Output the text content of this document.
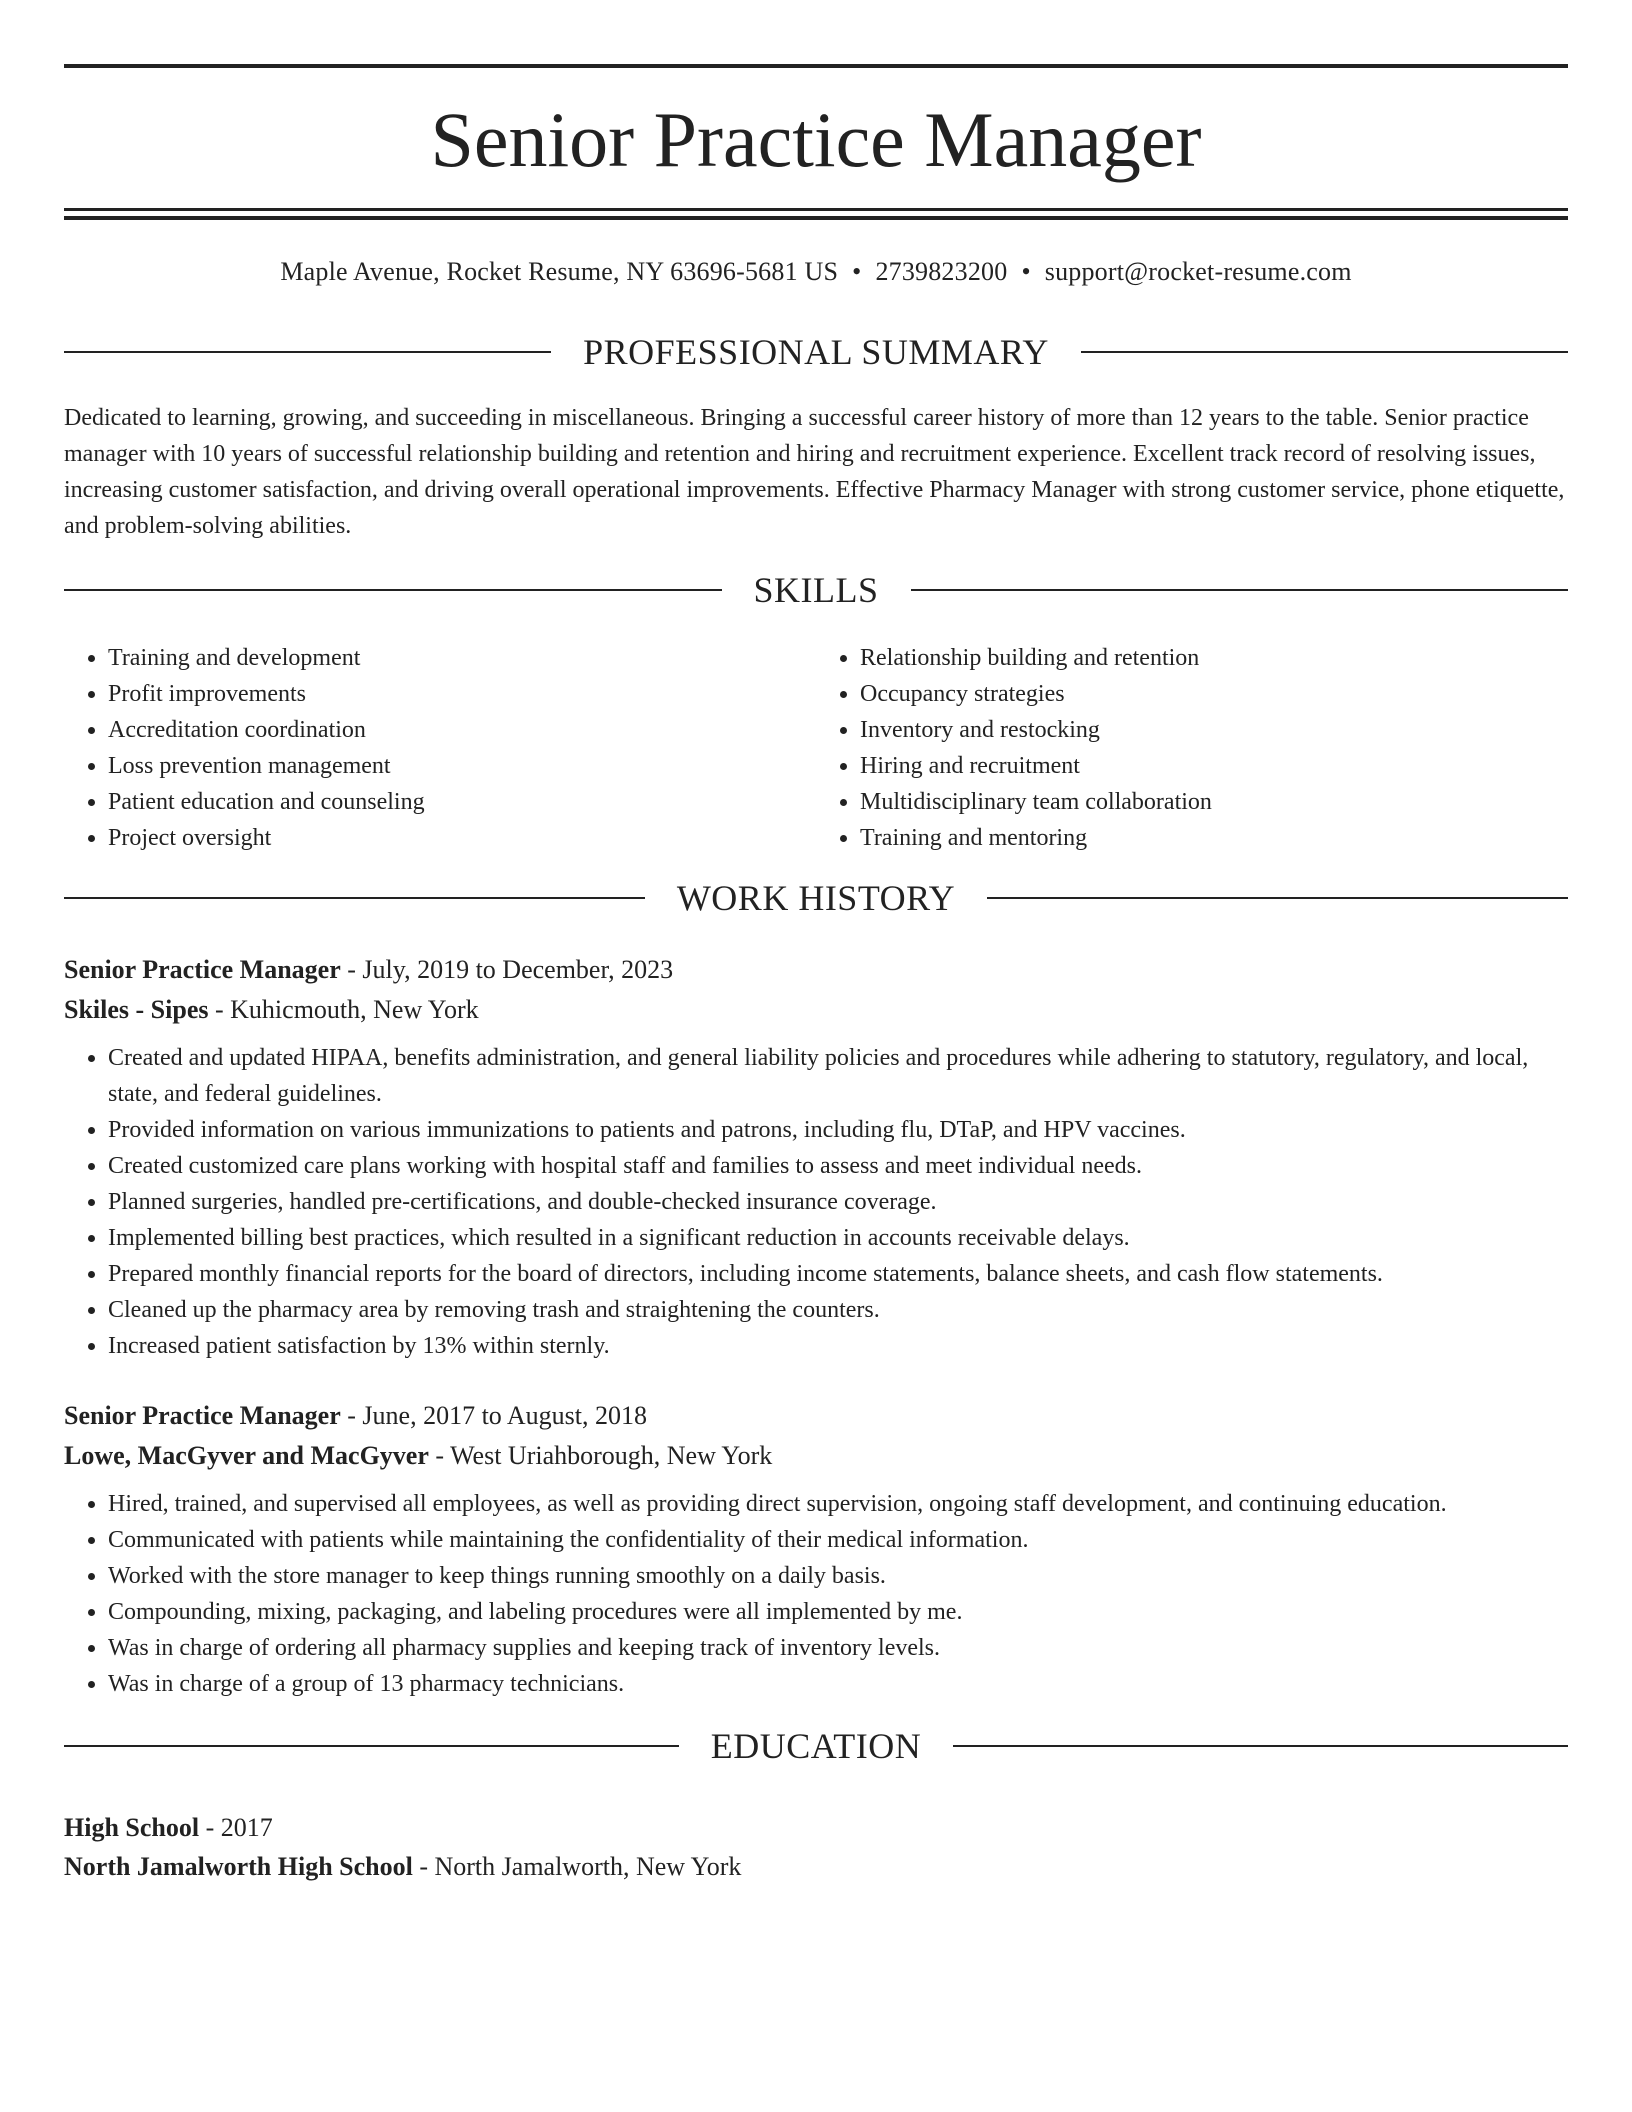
Senior Practice Manager
Maple Avenue, Rocket Resume, NY 63696-5681 US • 2739823200 • support@rocket-resume.com
PROFESSIONAL SUMMARY

Dedicated to learning, growing, and succeeding in miscellaneous. Bringing a successful career history of more than 12 years to the table. Senior practice manager with 10 years of successful relationship building and retention and hiring and recruitment experience. Excellent track record of resolving issues, increasing customer satisfaction, and driving overall operational improvements. Effective Pharmacy Manager with strong customer service, phone etiquette, and problem-solving abilities.

SKILLS
• Training and development
• Profit improvements
• Accreditation coordination
• Loss prevention management
• Patient education and counseling
• Project oversight
• Relationship building and retention
• Occupancy strategies
• Inventory and restocking
• Hiring and recruitment
• Multidisciplinary team collaboration
• Training and mentoring
WORK HISTORY
Senior Practice Manager - July, 2019 to December, 2023
Skiles - Sipes - Kuhicmouth, New York
• Created and updated HIPAA, benefits administration, and general liability policies and procedures while adhering to statutory, regulatory, and local, state, and federal guidelines.
• Provided information on various immunizations to patients and patrons, including flu, DTaP, and HPV vaccines.
• Created customized care plans working with hospital staff and families to assess and meet individual needs.
• Planned surgeries, handled pre-certifications, and double-checked insurance coverage.
• Implemented billing best practices, which resulted in a significant reduction in accounts receivable delays.
• Prepared monthly financial reports for the board of directors, including income statements, balance sheets, and cash flow statements.
• Cleaned up the pharmacy area by removing trash and straightening the counters.
• Increased patient satisfaction by 13% within sternly.
Senior Practice Manager - June, 2017 to August, 2018
Lowe, MacGyver and MacGyver - West Uriahborough, New York
• Hired, trained, and supervised all employees, as well as providing direct supervision, ongoing staff development, and continuing education.
• Communicated with patients while maintaining the confidentiality of their medical information.
• Worked with the store manager to keep things running smoothly on a daily basis.
• Compounding, mixing, packaging, and labeling procedures were all implemented by me.
• Was in charge of ordering all pharmacy supplies and keeping track of inventory levels.
• Was in charge of a group of 13 pharmacy technicians.
EDUCATION
High School - 2017
North Jamalworth High School - North Jamalworth, New York
